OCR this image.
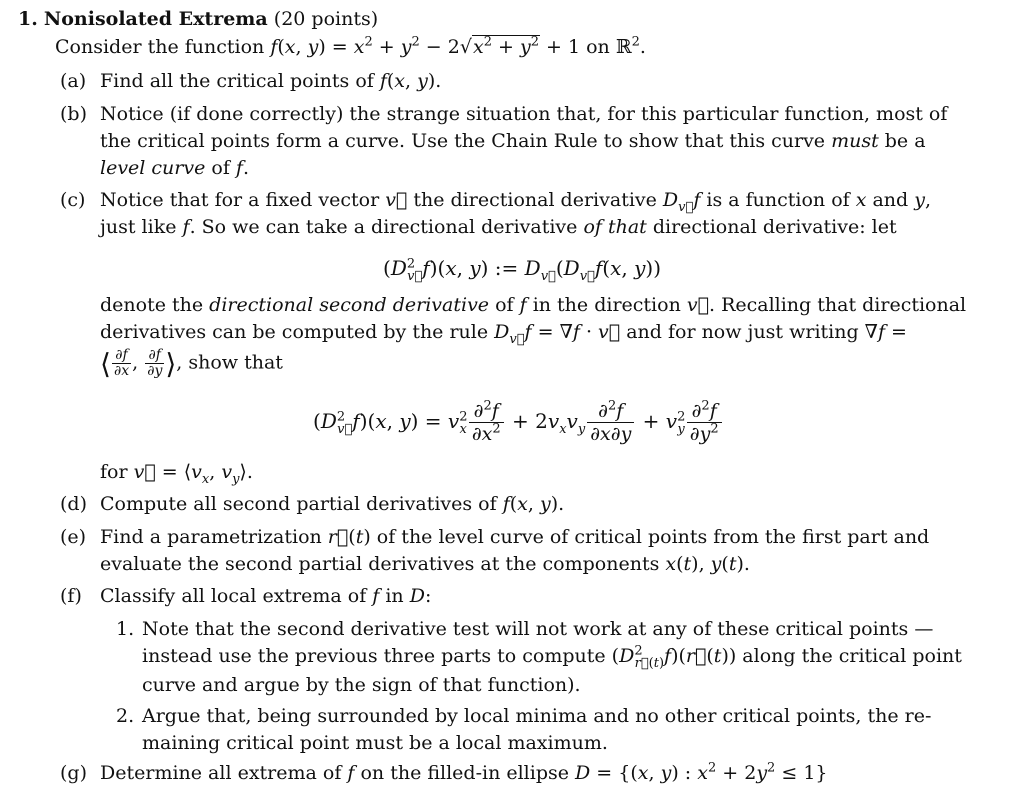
1. Nonisolated Extrema (20 points)
Consider the function f(x, $y) = x^2 + y^2 - 2√x^2 + y^2 + 1$ on ℝ$^2$.
(a) Find all the critical points of f(x, y).
(b) Notice (if done correctly) the strange situation that, for this particular function, most of
the critical points form a curve. Use the Chain Rule to show that this curve must be a
level curve of f.
(c) Notice that for a fixed vector v⃗ the directional derivative $D_{v⃗}f$ is a function of x and y,
just like f. So we can take a directional derivative of that directional derivative: let
$(D^2_{v⃗}f)(x$, y) := $D_{v⃗}(D_{v⃗}f(x$, y))
denote the directional second derivative of f in the direction v⃗. Recalling that directional
derivatives can be computed by the rule $D_{v⃗}f = \nabla f$ · v⃗ and for now just writing ∇f =
⟨ $\frac{\partial f}{\partial x}$ , $\frac{\partial f}{\partial y}$ ⟩, show that
$(D^2_{v⃗}f)(x$, $y) = v^2_x \frac{\partial^2f}{\partial x^2} + 2v_xv_y \frac{\partial^2f}{\partial x\partial y} + v^2_y \frac{\partial^2f}{\partial y^2}$
for v⃗ = $⟨v_x$, $v_y⟩$.
(d) Compute all second partial derivatives of f(x, y).
(e) Find a parametrization r⃗(t) of the level curve of critical points from the first part and
evaluate the second partial derivatives at the components x(t), y(t).
(f) Classify all local extrema of f in D:
1. Note that the second derivative test will not work at any of these critical points —
instead use the previous three parts to compute $(D^2_{r⃗(t)}f)(r⃗(t))$ along the critical point
curve and argue by the sign of that function).
2. Argue that, being surrounded by local minima and no other critical points, the re-
maining critical point must be a local maximum.
(g) Determine all extrema of f on the filled-in ellipse D = {(x, y) : $x^2 + 2y^2 \le 1$}
